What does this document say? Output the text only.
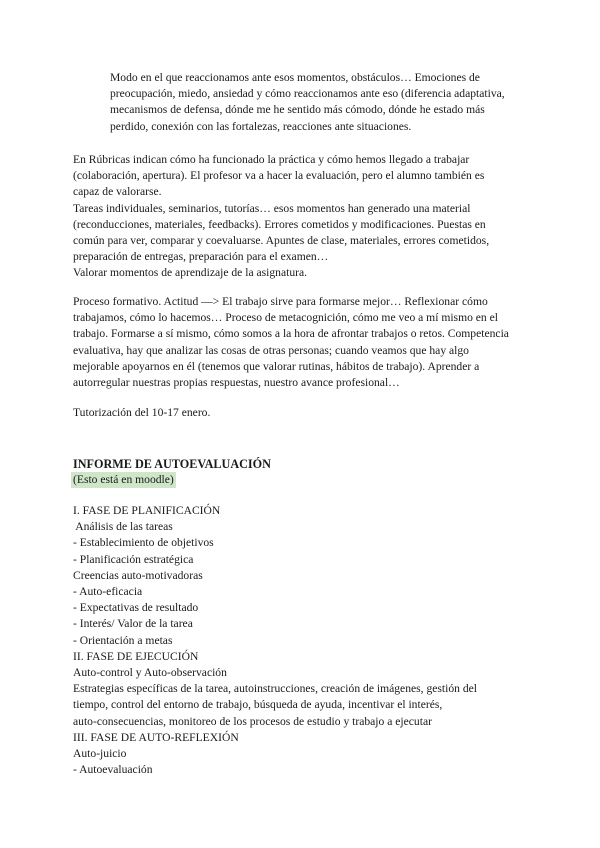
Modo en el que reaccionamos ante esos momentos, obstáculos… Emociones de
preocupación, miedo, ansiedad y cómo reaccionamos ante eso (diferencia adaptativa,
mecanismos de defensa, dónde me he sentido más cómodo, dónde he estado más
perdido, conexión con las fortalezas, reacciones ante situaciones.
En Rúbricas indican cómo ha funcionado la práctica y cómo hemos llegado a trabajar
(colaboración, apertura). El profesor va a hacer la evaluación, pero el alumno también es
capaz de valorarse.
Tareas individuales, seminarios, tutorías… esos momentos han generado una material
(reconducciones, materiales, feedbacks). Errores cometidos y modificaciones. Puestas en
común para ver, comparar y coevaluarse. Apuntes de clase, materiales, errores cometidos,
preparación de entregas, preparación para el examen…
Valorar momentos de aprendizaje de la asignatura.
Proceso formativo. Actitud —> El trabajo sirve para formarse mejor… Reflexionar cómo
trabajamos, cómo lo hacemos… Proceso de metacognición, cómo me veo a mí mismo en el
trabajo. Formarse a sí mismo, cómo somos a la hora de afrontar trabajos o retos. Competencia
evaluativa, hay que analizar las cosas de otras personas; cuando veamos que hay algo
mejorable apoyarnos en él (tenemos que valorar rutinas, hábitos de trabajo). Aprender a
autorregular nuestras propias respuestas, nuestro avance profesional…
Tutorización del 10-17 enero.
INFORME DE AUTOEVALUACIÓN
(Esto está en moodle)
I. FASE DE PLANIFICACIÓN
Análisis de las tareas
- Establecimiento de objetivos
- Planificación estratégica
Creencias auto-motivadoras
- Auto-eficacia
- Expectativas de resultado
- Interés/ Valor de la tarea
- Orientación a metas
II. FASE DE EJECUCIÓN
Auto-control y Auto-observación
Estrategias específicas de la tarea, autoinstrucciones, creación de imágenes, gestión del
tiempo, control del entorno de trabajo, búsqueda de ayuda, incentivar el interés,
auto-consecuencias, monitoreo de los procesos de estudio y trabajo a ejecutar
III. FASE DE AUTO-REFLEXIÓN
Auto-juicio
- Autoevaluación
